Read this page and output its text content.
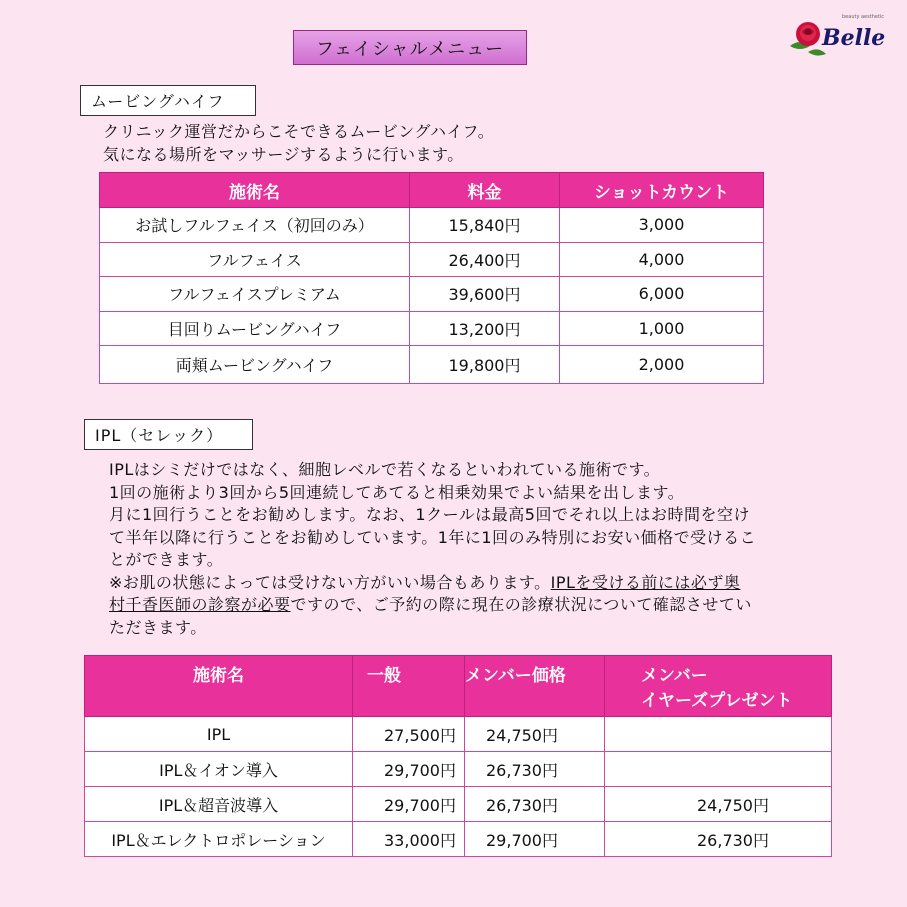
フェイシャルメニュー	Belle
beauty aesthetic
ムービングハイフ
クリニック運営だからこそできるムービングハイフ。
気になる場所をマッサージするように行います。
施術名	料金	ショットカウント
お試しフルフェイス（初回のみ）	15,840円	3,000
フルフェイス	26,400円	4,000
フルフェイスプレミアム	39,600円	6,000
目回りムービングハイフ	13,200円	1,000
両頬ムービングハイフ	19,800円	2,000
IPL（セレック）
IPLはシミだけではなく、細胞レベルで若くなるといわれている施術です。
1回の施術より3回から5回連続してあてると相乗効果でよい結果を出します。
月に1回行うことをお勧めします。なお、1クールは最高5回でそれ以上はお時間を空け
て半年以降に行うことをお勧めしています。1年に1回のみ特別にお安い価格で受けるこ
とができます。
※お肌の状態によっては受けない方がいい場合もあります。IPLを受ける前には必ず奥
村千香医師の診察が必要ですので、ご予約の際に現在の診療状況について確認させてい
ただきます。
施術名	一般	メンバー価格	メンバー
イヤーズプレゼント
IPL	27,500円	24,750円	
IPL＆イオン導入	29,700円	26,730円	
IPL＆超音波導入	29,700円	26,730円	24,750円
IPL＆エレクトロポレーション	33,000円	29,700円	26,730円
